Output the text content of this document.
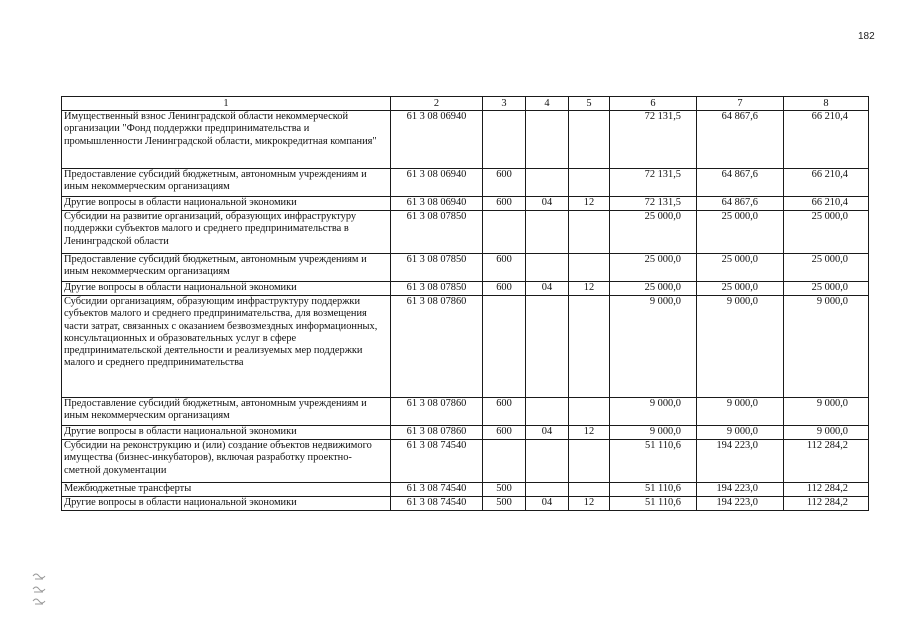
182
1	2	3	4	5	6	7	8
Имущественный взнос Ленинградской области некоммерческой организации "Фонд поддержки предпринимательства и промышленности Ленинградской области, микрокредитная компания"	61 3 08 06940				72 131,5	64 867,6	66 210,4
Предоставление субсидий бюджетным, автономным учреждениям и иным некоммерческим организациям	61 3 08 06940	600			72 131,5	64 867,6	66 210,4
Другие вопросы в области национальной экономики	61 3 08 06940	600	04	12	72 131,5	64 867,6	66 210,4
Субсидии на развитие организаций, образующих инфраструктуру поддержки субъектов малого и среднего предпринимательства в Ленинградской области	61 3 08 07850				25 000,0	25 000,0	25 000,0
Предоставление субсидий бюджетным, автономным учреждениям и иным некоммерческим организациям	61 3 08 07850	600			25 000,0	25 000,0	25 000,0
Другие вопросы в области национальной экономики	61 3 08 07850	600	04	12	25 000,0	25 000,0	25 000,0
Субсидии организациям, образующим инфраструктуру поддержки субъектов малого и среднего предпринимательства, для возмещения части затрат, связанных с оказанием безвозмездных информационных, консультационных и образовательных услуг в сфере предпринимательской деятельности и реализуемых мер поддержки малого и среднего предпринимательства	61 3 08 07860				9 000,0	9 000,0	9 000,0
Предоставление субсидий бюджетным, автономным учреждениям и иным некоммерческим организациям	61 3 08 07860	600			9 000,0	9 000,0	9 000,0
Другие вопросы в области национальной экономики	61 3 08 07860	600	04	12	9 000,0	9 000,0	9 000,0
Субсидии на реконструкцию и (или) создание объектов недвижимого имущества (бизнес-инкубаторов), включая разработку проектно-сметной документации	61 3 08 74540				51 110,6	194 223,0	112 284,2
Межбюджетные трансферты	61 3 08 74540	500			51 110,6	194 223,0	112 284,2
Другие вопросы в области национальной экономики	61 3 08 74540	500	04	12	51 110,6	194 223,0	112 284,2
